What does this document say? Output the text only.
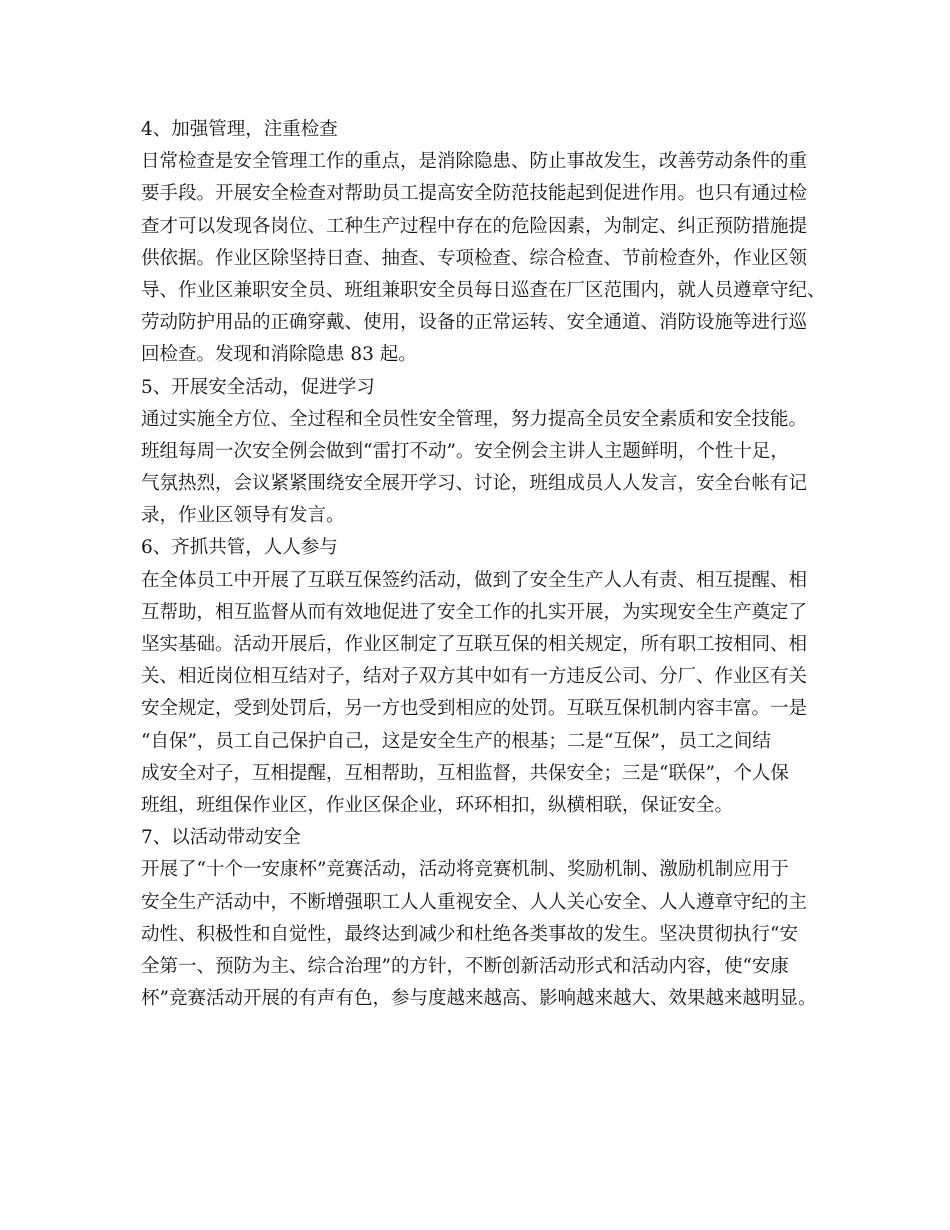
4、加强管理，注重检查
日常检查是安全管理工作的重点，是消除隐患、防止事故发生，改善劳动条件的重
要手段。开展安全检查对帮助员工提高安全防范技能起到促进作用。也只有通过检
查才可以发现各岗位、工种生产过程中存在的危险因素，为制定、纠正预防措施提
供依据。作业区除坚持日查、抽查、专项检查、综合检查、节前检查外，作业区领
导、作业区兼职安全员、班组兼职安全员每日巡查在厂区范围内，就人员遵章守纪、
劳动防护用品的正确穿戴、使用，设备的正常运转、安全通道、消防设施等进行巡
回检查。发现和消除隐患 83 起。
5、开展安全活动，促进学习
通过实施全方位、全过程和全员性安全管理，努力提高全员安全素质和安全技能。
班组每周一次安全例会做到“雷打不动”。安全例会主讲人主题鲜明，个性十足，
气氛热烈，会议紧紧围绕安全展开学习、讨论，班组成员人人发言，安全台帐有记
录，作业区领导有发言。
6、齐抓共管，人人参与
在全体员工中开展了互联互保签约活动，做到了安全生产人人有责、相互提醒、相
互帮助，相互监督从而有效地促进了安全工作的扎实开展，为实现安全生产奠定了
坚实基础。活动开展后，作业区制定了互联互保的相关规定，所有职工按相同、相
关、相近岗位相互结对子，结对子双方其中如有一方违反公司、分厂、作业区有关
安全规定，受到处罚后，另一方也受到相应的处罚。互联互保机制内容丰富。一是
“自保”，员工自己保护自己，这是安全生产的根基；二是“互保”，员工之间结
成安全对子，互相提醒，互相帮助，互相监督，共保安全；三是“联保”，个人保
班组，班组保作业区，作业区保企业，环环相扣，纵横相联，保证安全。
7、以活动带动安全
开展了“十个一安康杯”竞赛活动，活动将竞赛机制、奖励机制、激励机制应用于
安全生产活动中，不断增强职工人人重视安全、人人关心安全、人人遵章守纪的主
动性、积极性和自觉性，最终达到减少和杜绝各类事故的发生。坚决贯彻执行“安
全第一、预防为主、综合治理”的方针，不断创新活动形式和活动内容，使“安康
杯”竞赛活动开展的有声有色，参与度越来越高、影响越来越大、效果越来越明显。
